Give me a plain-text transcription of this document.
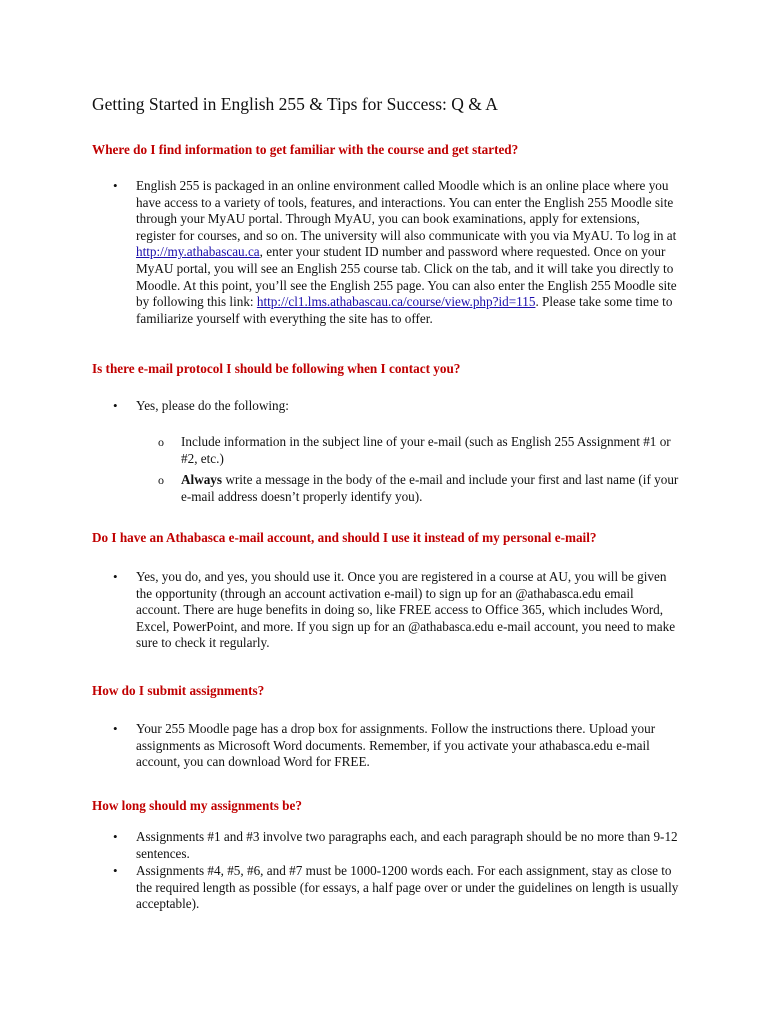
Getting Started in English 255 & Tips for Success: Q & A

Where do I find information to get familiar with the course and get started?

• English 255 is packaged in an online environment called Moodle which is an online place where you have access to a variety of tools, features, and interactions. You can enter the English 255 Moodle site through your MyAU portal. Through MyAU, you can book examinations, apply for extensions, register for courses, and so on. The university will also communicate with you via MyAU. To log in at http://my.athabascau.ca, enter your student ID number and password where requested. Once on your MyAU portal, you will see an English 255 course tab. Click on the tab, and it will take you directly to Moodle. At this point, you’ll see the English 255 page. You can also enter the English 255 Moodle site by following this link: http://cl1.lms.athabascau.ca/course/view.php?id=115. Please take some time to familiarize yourself with everything the site has to offer.

Is there e-mail protocol I should be following when I contact you?

• Yes, please do the following:

o Include information in the subject line of your e-mail (such as English 255 Assignment #1 or #2, etc.)

o Always write a message in the body of the e-mail and include your first and last name (if your e-mail address doesn’t properly identify you).

Do I have an Athabasca e-mail account, and should I use it instead of my personal e-mail?

• Yes, you do, and yes, you should use it. Once you are registered in a course at AU, you will be given the opportunity (through an account activation e-mail) to sign up for an @athabasca.edu email account. There are huge benefits in doing so, like FREE access to Office 365, which includes Word, Excel, PowerPoint, and more. If you sign up for an @athabasca.edu e-mail account, you need to make sure to check it regularly.

How do I submit assignments?

• Your 255 Moodle page has a drop box for assignments. Follow the instructions there. Upload your assignments as Microsoft Word documents. Remember, if you activate your athabasca.edu e-mail account, you can download Word for FREE.

How long should my assignments be?

• Assignments #1 and #3 involve two paragraphs each, and each paragraph should be no more than 9-12 sentences.

• Assignments #4, #5, #6, and #7 must be 1000-1200 words each. For each assignment, stay as close to the required length as possible (for essays, a half page over or under the guidelines on length is usually acceptable).
